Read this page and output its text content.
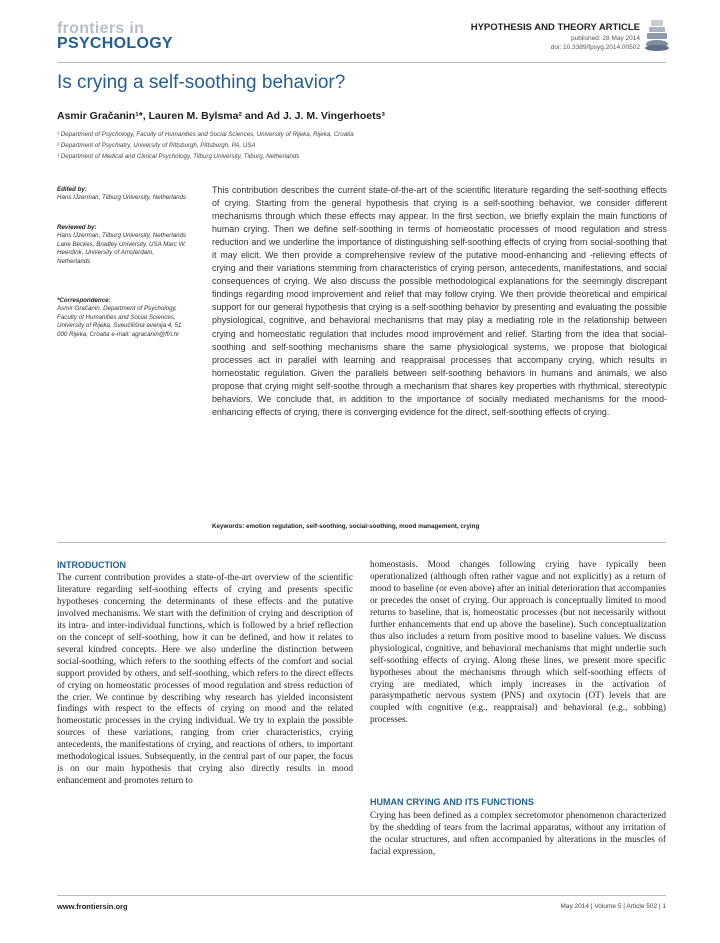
frontiers in
PSYCHOLOGY
HYPOTHESIS AND THEORY ARTICLE
published: 28 May 2014
doi: 10.3389/fpsyg.2014.00502
Is crying a self-soothing behavior?
Asmir Gračanin¹*, Lauren M. Bylsma² and Ad J. J. M. Vingerhoets³
¹ Department of Psychology, Faculty of Humanities and Social Sciences, University of Rijeka, Rijeka, Croatia
² Department of Psychiatry, University of Pittsburgh, Pittsburgh, PA, USA
³ Department of Medical and Clinical Psychology, Tilburg University, Tilburg, Netherlands
Edited by:
Hans IJzerman, Tilburg University, Netherlands
Reviewed by:
Hans IJzerman, Tilburg University, Netherlands Lane Beckes, Bradley University, USA Marc W. Heerdink, University of Amsterdam, Netherlands
*Correspondence:
Asmir Gračanin, Department of Psychology, Faculty of Humanities and Social Sciences, University of Rijeka, Sveučilišna avenija 4, 51 000 Rijeka, Croatia e-mail: agracanin@ffri.hr
This contribution describes the current state-of-the-art of the scientific literature regarding the self-soothing effects of crying. Starting from the general hypothesis that crying is a self-soothing behavior, we consider different mechanisms through which these effects may appear. In the first section, we briefly explain the main functions of human crying. Then we define self-soothing in terms of homeostatic processes of mood regulation and stress reduction and we underline the importance of distinguishing self-soothing effects of crying from social-soothing that it may elicit. We then provide a comprehensive review of the putative mood-enhancing and -relieving effects of crying and their variations stemming from characteristics of crying person, antecedents, manifestations, and social consequences of crying. We also discuss the possible methodological explanations for the seemingly discrepant findings regarding mood improvement and relief that may follow crying. We then provide theoretical and empirical support for our general hypothesis that crying is a self-soothing behavior by presenting and evaluating the possible physiological, cognitive, and behavioral mechanisms that may play a mediating role in the relationship between crying and homeostatic regulation that includes mood improvement and relief. Starting from the idea that social-soothing and self-soothing mechanisms share the same physiological systems, we propose that biological processes act in parallel with learning and reappraisal processes that accompany crying, which results in homeostatic regulation. Given the parallels between self-soothing behaviors in humans and animals, we also propose that crying might self-soothe through a mechanism that shares key properties with rhythmical, stereotypic behaviors. We conclude that, in addition to the importance of socially mediated mechanisms for the mood-enhancing effects of crying, there is converging evidence for the direct, self-soothing effects of crying.
Keywords: emotion regulation, self-soothing, social-soothing, mood management, crying
INTRODUCTION
The current contribution provides a state-of-the-art overview of the scientific literature regarding self-soothing effects of crying and presents specific hypotheses concerning the determinants of these effects and the putative involved mechanisms. We start with the definition of crying and description of its intra- and inter-individual functions, which is followed by a brief reflection on the concept of self-soothing, how it can be defined, and how it relates to several kindred concepts. Here we also underline the distinction between social-soothing, which refers to the soothing effects of the comfort and social support provided by others, and self-soothing, which refers to the direct effects of crying on homeostatic processes of mood regulation and stress reduction of the crier. We continue by describing why research has yielded inconsistent findings with respect to the effects of crying on mood and the related homeostatic processes in the crying individual. We try to explain the possible sources of these variations, ranging from crier characteristics, crying antecedents, the manifestations of crying, and reactions of others, to important methodological issues. Subsequently, in the central part of our paper, the focus is on our main hypothesis that crying also directly results in mood enhancement and promotes return to
homeostasis. Mood changes following crying have typically been operationalized (although often rather vague and not explicitly) as a return of mood to baseline (or even above) after an initial deterioration that accompanies or precedes the onset of crying. Our approach is conceptually limited to mood returns to baseline, that is, homeostatic processes (but not necessarily without further enhancements that end up above the baseline). Such conceptualization thus also includes a return from positive mood to baseline values. We discuss physiological, cognitive, and behavioral mechanisms that might underlie such self-soothing effects of crying. Along these lines, we present more specific hypotheses about the mechanisms through which self-soothing effects of crying are mediated, which imply increases in the activation of parasympathetic nervous system (PNS) and oxytocin (OT) levels that are coupled with cognitive (e.g., reappraisal) and behavioral (e.g., sobbing) processes.
HUMAN CRYING AND ITS FUNCTIONS
Crying has been defined as a complex secretomotor phenomenon characterized by the shedding of tears from the lacrimal apparatus, without any irritation of the ocular structures, and often accompanied by alterations in the muscles of facial expression,
www.frontiersin.org	May 2014 | Volume 5 | Article 502 | 1
